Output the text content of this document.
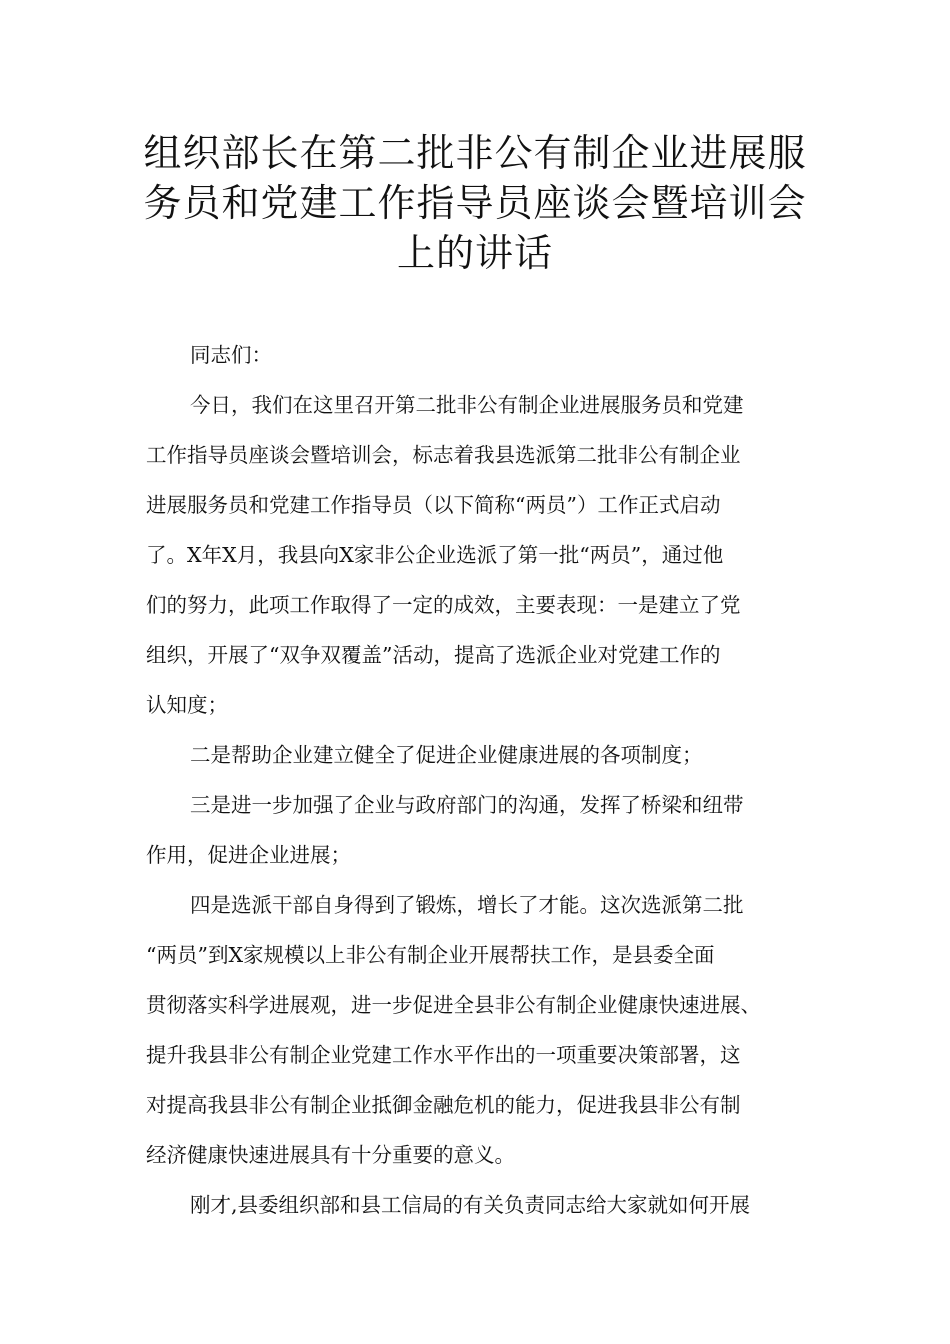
组织部长在第二批非公有制企业进展服
务员和党建工作指导员座谈会暨培训会
上的讲话
同志们：
今日，我们在这里召开第二批非公有制企业进展服务员和党建
工作指导员座谈会暨培训会，标志着我县选派第二批非公有制企业
进展服务员和党建工作指导员（以下简称“两员”）工作正式启动
了。X年X月，我县向X家非公企业选派了第一批“两员”，通过他
们的努力，此项工作取得了一定的成效，主要表现：一是建立了党
组织，开展了“双争双覆盖”活动，提高了选派企业对党建工作的
认知度；
二是帮助企业建立健全了促进企业健康进展的各项制度；
三是进一步加强了企业与政府部门的沟通，发挥了桥梁和纽带
作用，促进企业进展；
四是选派干部自身得到了锻炼，增长了才能。这次选派第二批
“两员”到X家规模以上非公有制企业开展帮扶工作，是县委全面
贯彻落实科学进展观，进一步促进全县非公有制企业健康快速进展、
提升我县非公有制企业党建工作水平作出的一项重要决策部署，这
对提高我县非公有制企业抵御金融危机的能力，促进我县非公有制
经济健康快速进展具有十分重要的意义。
刚才,县委组织部和县工信局的有关负责同志给大家就如何开展
